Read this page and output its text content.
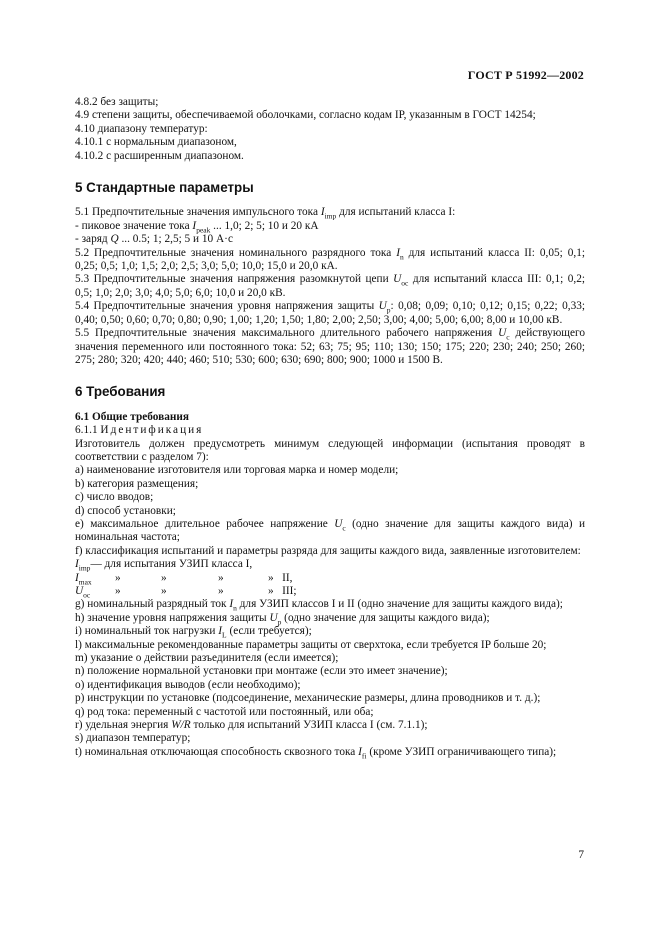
ГОСТ Р 51992—2002

4.8.2 без защиты;

4.9 степени защиты, обеспечиваемой оболочками, согласно кодам IP, указанным в ГОСТ 14254;

4.10 диапазону температур:

4.10.1 с нормальным диапазоном,

4.10.2 с расширенным диапазоном.

5 Стандартные параметры

5.1 Предпочтительные значения импульсного тока $I_{imp}$ для испытаний класса I:

- пиковое значение тока $I_{peak}$ ... 1,0; 2; 5; 10 и 20 кА

- заряд Q ... 0.5; 1; 2,5; 5 и 10 А·с

5.2 Предпочтительные значения номинального разрядного тока $I_n$ для испытаний класса II: 0,05; 0,1; 0,25; 0,5; 1,0; 1,5; 2,0; 2,5; 3,0; 5,0; 10,0; 15,0 и 20,0 кА.

5.3 Предпочтительные значения напряжения разомкнутой цепи $U_{oc}$ для испытаний класса III: 0,1; 0,2; 0,5; 1,0; 2,0; 3,0; 4,0; 5,0; 6,0; 10,0 и 20,0 кВ.

5.4 Предпочтительные значения уровня напряжения защиты $U_p$: 0,08; 0,09; 0,10; 0,12; 0,15; 0,22; 0,33; 0,40; 0,50; 0,60; 0,70; 0,80; 0,90; 1,00; 1,20; 1,50; 1,80; 2,00; 2,50; 3,00; 4,00; 5,00; 6,00; 8,00 и 10,00 кВ.

5.5 Предпочтительные значения максимального длительного рабочего напряжения $U_c$ действующего значения переменного или постоянного тока: 52; 63; 75; 95; 110; 130; 150; 175; 220; 230; 240; 250; 260; 275; 280; 320; 420; 440; 460; 510; 530; 600; 630; 690; 800; 900; 1000 и 1500 В.

6 Требования
6.1 Общие требования

6.1.1 Идентификация

Изготовитель должен предусмотреть минимум следующей информации (испытания проводят в соответствии с разделом 7):

a) наименование изготовителя или торговая марка и номер модели;

b) категория размещения;

c) число вводов;

d) способ установки;

e) максимальное длительное рабочее напряжение $U_c$ (одно значение для защиты каждого вида) и номинальная частота;

f) классификация испытаний и параметры разряда для защиты каждого вида, заявленные изготовителем:

$I_{imp}—$ для испытания УЗИП класса I,
$I_{max}$ »	»	»	» II,
$U_{oc}$ »	»	»	» III;

g) номинальный разрядный ток $I_n$ для УЗИП классов I и II (одно значение для защиты каждого вида);

h) значение уровня напряжения защиты $U_p$ (одно значение для защиты каждого вида);

i) номинальный ток нагрузки $I_L$ (если требуется);

l) максимальные рекомендованные параметры защиты от сверхтока, если требуется IP больше 20;

m) указание о действии разъединителя (если имеется);

n) положение нормальной установки при монтаже (если это имеет значение);

o) идентификация выводов (если необходимо);

p) инструкции по установке (подсоединение, механические размеры, длина проводников и т. д.);

q) род тока: переменный с частотой или постоянный, или оба;

r) удельная энергия W/R только для испытаний УЗИП класса I (см. 7.1.1);

s) диапазон температур;

t) номинальная отключающая способность сквозного тока $I_{fi}$ (кроме УЗИП ограничивающего типа);

7
